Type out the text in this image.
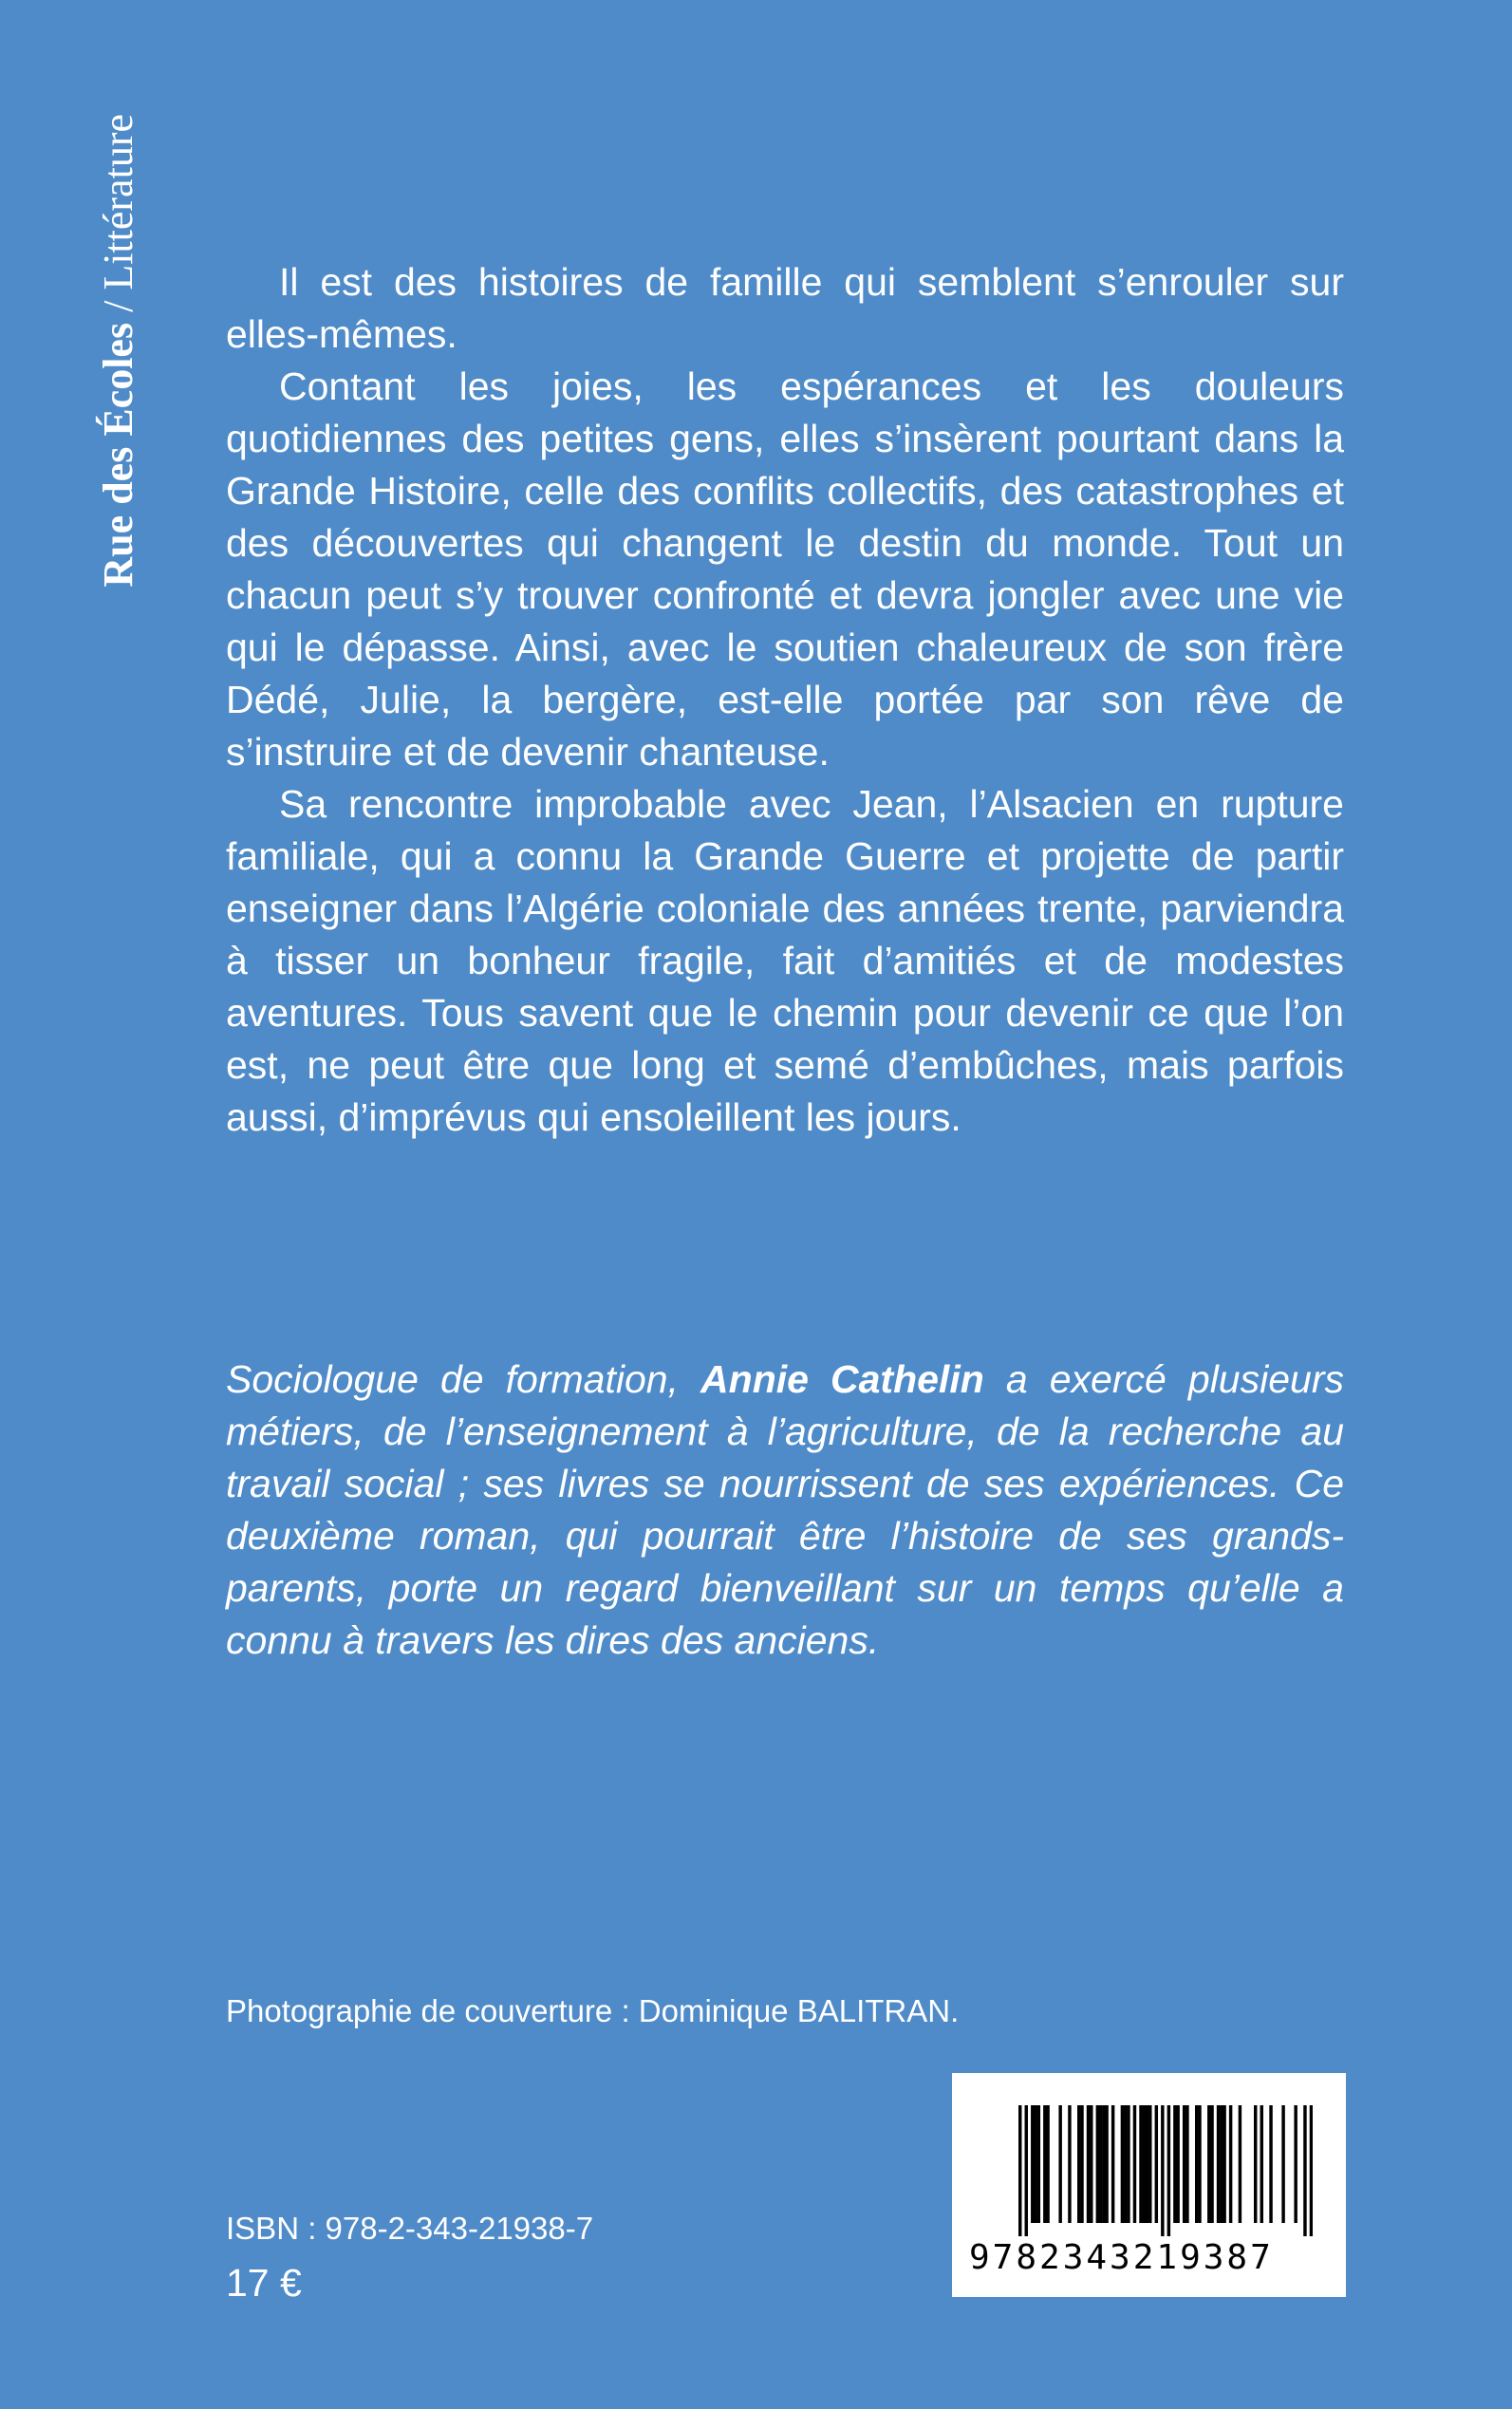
Rue des Écoles / Littérature	Il est des histoires de famille qui semblent s’enrouler sur elles-mêmes.

Contant les joies, les espérances et les douleurs quotidiennes des petites gens, elles s’insèrent pourtant dans la Grande Histoire, celle des conflits collectifs, des catastrophes et des découvertes qui changent le destin du monde. Tout un chacun peut s’y trouver confronté et devra jongler avec une vie qui le dépasse. Ainsi, avec le soutien chaleureux de son frère Dédé, Julie, la bergère, est-elle portée par son rêve de s’instruire et de devenir chanteuse.

Sa rencontre improbable avec Jean, l’Alsacien en rupture familiale, qui a connu la Grande Guerre et projette de partir enseigner dans l’Algérie coloniale des années trente, parviendra à tisser un bonheur fragile, fait d’amitiés et de modestes aventures. Tous savent que le chemin pour devenir ce que l’on est, ne peut être que long et semé d’embûches, mais parfois aussi, d’imprévus qui ensoleillent les jours.

Sociologue de formation, Annie Cathelin a exercé plusieurs métiers, de l’enseignement à l’agriculture, de la recherche au travail social ; ses livres se nourrissent de ses expériences. Ce deuxième roman, qui pourrait être l’histoire de ses grands-parents, porte un regard bienveillant sur un temps qu’elle a connu à travers les dires des anciens.
Photographie de couverture : Dominique BALITRAN.
9782343219387
ISBN : 978-2-343-21938-7
17 €
